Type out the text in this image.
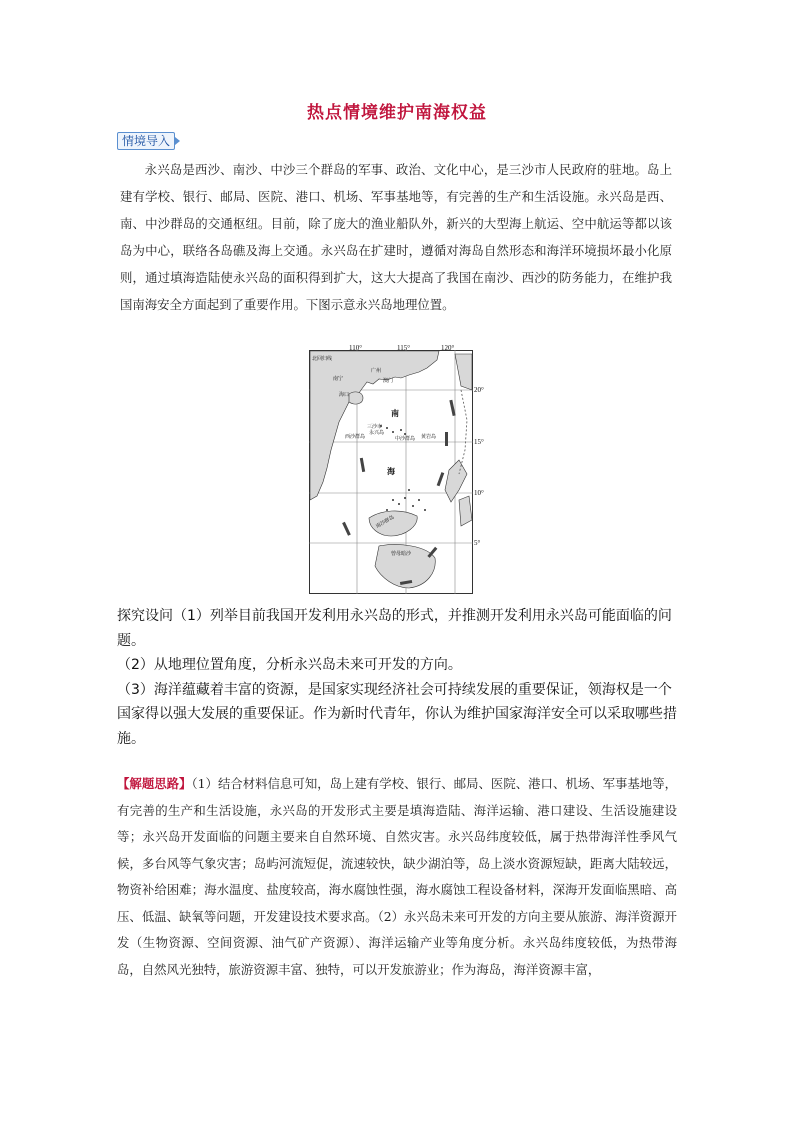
热点情境维护南海权益
情境导入
永兴岛是西沙、南沙、中沙三个群岛的军事、政治、文化中心，是三沙市人民政府的驻地。岛上建有学校、银行、邮局、医院、港口、机场、军事基地等，有完善的生产和生活设施。永兴岛是西、南、中沙群岛的交通枢纽。目前，除了庞大的渔业船队外，新兴的大型海上航运、空中航运等都以该岛为中心，联络各岛礁及海上交通。永兴岛在扩建时，遵循对海岛自然形态和海洋环境损坏最小化原则，通过填海造陆使永兴岛的面积得到扩大，这大大提高了我国在南沙、西沙的防务能力，在维护我国南海安全方面起到了重要作用。下图示意永兴岛地理位置。
北回归线
南宁
广州
澳门
海口
三沙市
永兴岛
西沙群岛	中沙群岛 黄岩岛
南沙群岛
曾母暗沙
南
海
110°	115°	120°
20°
15°
10°
5°

探究设问（1）列举目前我国开发利用永兴岛的形式，并推测开发利用永兴岛可能面临的问题。

（2）从地理位置角度，分析永兴岛未来可开发的方向。

（3）海洋蕴藏着丰富的资源，是国家实现经济社会可持续发展的重要保证，领海权是一个国家得以强大发展的重要保证。作为新时代青年，你认为维护国家海洋安全可以采取哪些措施。

【解题思路】（1）结合材料信息可知，岛上建有学校、银行、邮局、医院、港口、机场、军事基地等，有完善的生产和生活设施，永兴岛的开发形式主要是填海造陆、海洋运输、港口建设、生活设施建设等；永兴岛开发面临的问题主要来自自然环境、自然灾害。永兴岛纬度较低，属于热带海洋性季风气候，多台风等气象灾害；岛屿河流短促，流速较快，缺少湖泊等，岛上淡水资源短缺，距离大陆较远，物资补给困难；海水温度、盐度较高，海水腐蚀性强，海水腐蚀工程设备材料，深海开发面临黑暗、高压、低温、缺氧等问题，开发建设技术要求高。（2）永兴岛未来可开发的方向主要从旅游、海洋资源开发（生物资源、空间资源、油气矿产资源）、海洋运输产业等角度分析。永兴岛纬度较低，为热带海岛，自然风光独特，旅游资源丰富、独特，可以开发旅游业；作为海岛，海洋资源丰富，
